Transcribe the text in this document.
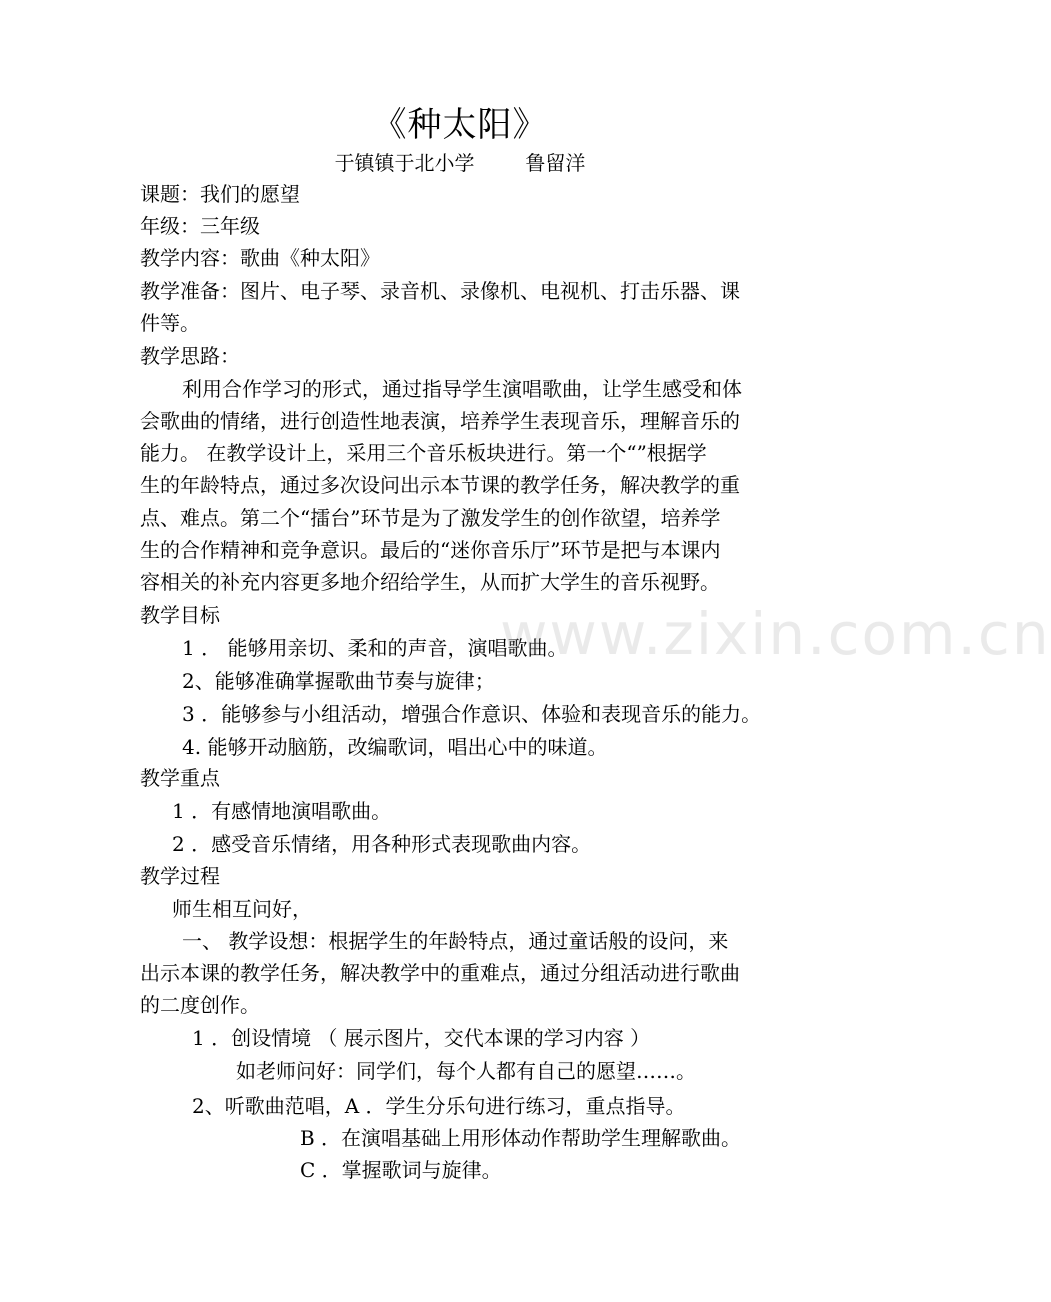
《种太阳》
于镇镇于北小学        鲁留洋
课题：我们的愿望
年级：三年级
教学内容：歌曲《种太阳》
教学准备：图片、电子琴、录音机、录像机、电视机、打击乐器、课
件等。
教学思路：
利用合作学习的形式，通过指导学生演唱歌曲，让学生感受和体
会歌曲的情绪，进行创造性地表演，培养学生表现音乐，理解音乐的
能力。 在教学设计上，采用三个音乐板块进行。第一个“”根据学
生的年龄特点，通过多次设问出示本节课的教学任务，解决教学的重
点、难点。第二个“擂台”环节是为了激发学生的创作欲望，培养学
生的合作精神和竞争意识。最后的“迷你音乐厅”环节是把与本课内
容相关的补充内容更多地介绍给学生，从而扩大学生的音乐视野。
教学目标
1 ． 能够用亲切、柔和的声音，演唱歌曲。
2、能够准确掌握歌曲节奏与旋律；
3 ．能够参与小组活动，增强合作意识、体验和表现音乐的能力。
4. 能够开动脑筋，改编歌词，唱出心中的味道。
教学重点
1 ．有感情地演唱歌曲。
2 ．感受音乐情绪，用各种形式表现歌曲内容。
教学过程
师生相互问好，
一、 教学设想：根据学生的年龄特点，通过童话般的设问，来
出示本课的教学任务，解决教学中的重难点，通过分组活动进行歌曲
的二度创作。
1 ．创设情境 （ 展示图片，交代本课的学习内容 ）
如老师问好：同学们，每个人都有自己的愿望……。
2、听歌曲范唱，A ．学生分乐句进行练习，重点指导。
B ．在演唱基础上用形体动作帮助学生理解歌曲。
C ．掌握歌词与旋律。
www.zixin.com.cn
